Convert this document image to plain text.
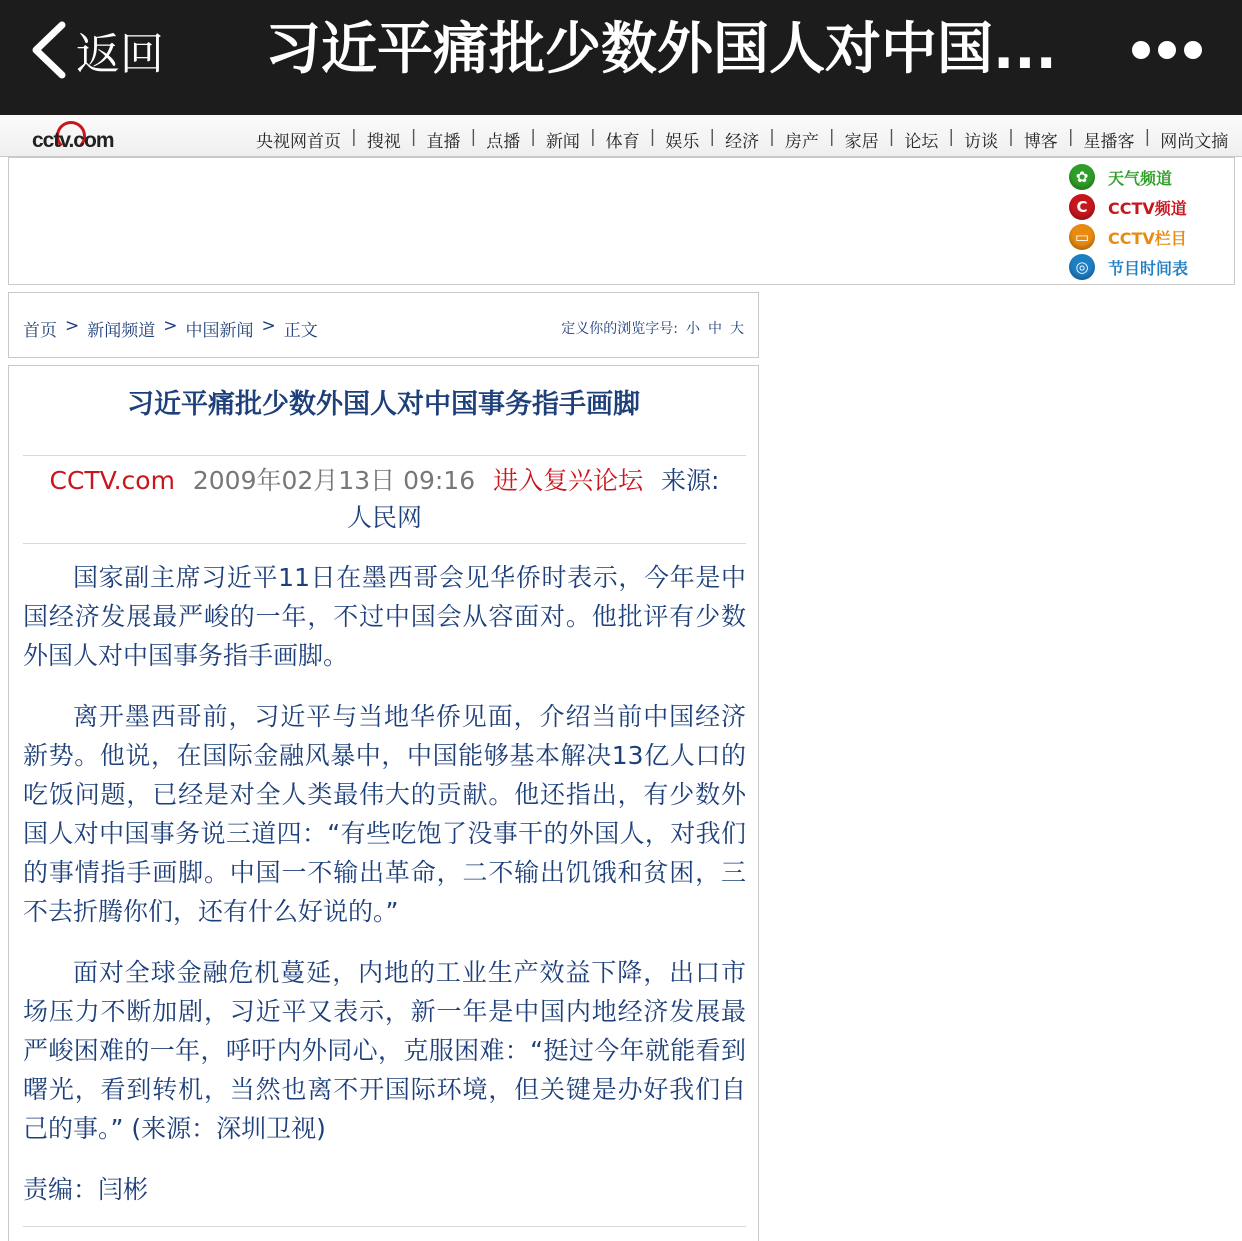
返回 习近平痛批少数外国人对中国...
cctv.com	央视网首页 | 搜视 | 直播 | 点播 | 新闻 | 体育 | 娱乐 | 经济 | 房产 | 家居 | 论坛 | 访谈 | 博客 | 星播客 | 网尚文摘
✿	天气频道
C	CCTV频道
▭	CCTV栏目
◎	节目时间表
首页 > 新闻频道 > 中国新闻 > 正文	定义你的浏览字号: 小 中 大
习近平痛批少数外国人对中国事务指手画脚
CCTV.com 2009年02月13日 09:16 进入复兴论坛 来源:
人民网

国家副主席习近平11日在墨西哥会见华侨时表示，今年是中国经济发展最严峻的一年，不过中国会从容面对。他批评有少数外国人对中国事务指手画脚。

离开墨西哥前，习近平与当地华侨见面，介绍当前中国经济新势。他说，在国际金融风暴中，中国能够基本解决13亿人口的吃饭问题，已经是对全人类最伟大的贡献。他还指出，有少数外国人对中国事务说三道四：“有些吃饱了没事干的外国人，对我们的事情指手画脚。中国一不输出革命，二不输出饥饿和贫困，三不去折腾你们，还有什么好说的。”

面对全球金融危机蔓延，内地的工业生产效益下降，出口市场压力不断加剧，习近平又表示，新一年是中国内地经济发展最严峻困难的一年，呼吁内外同心，克服困难：“挺过今年就能看到曙光，看到转机，当然也离不开国际环境，但关键是办好我们自己的事。” (来源：深圳卫视)

责编：闫彬
